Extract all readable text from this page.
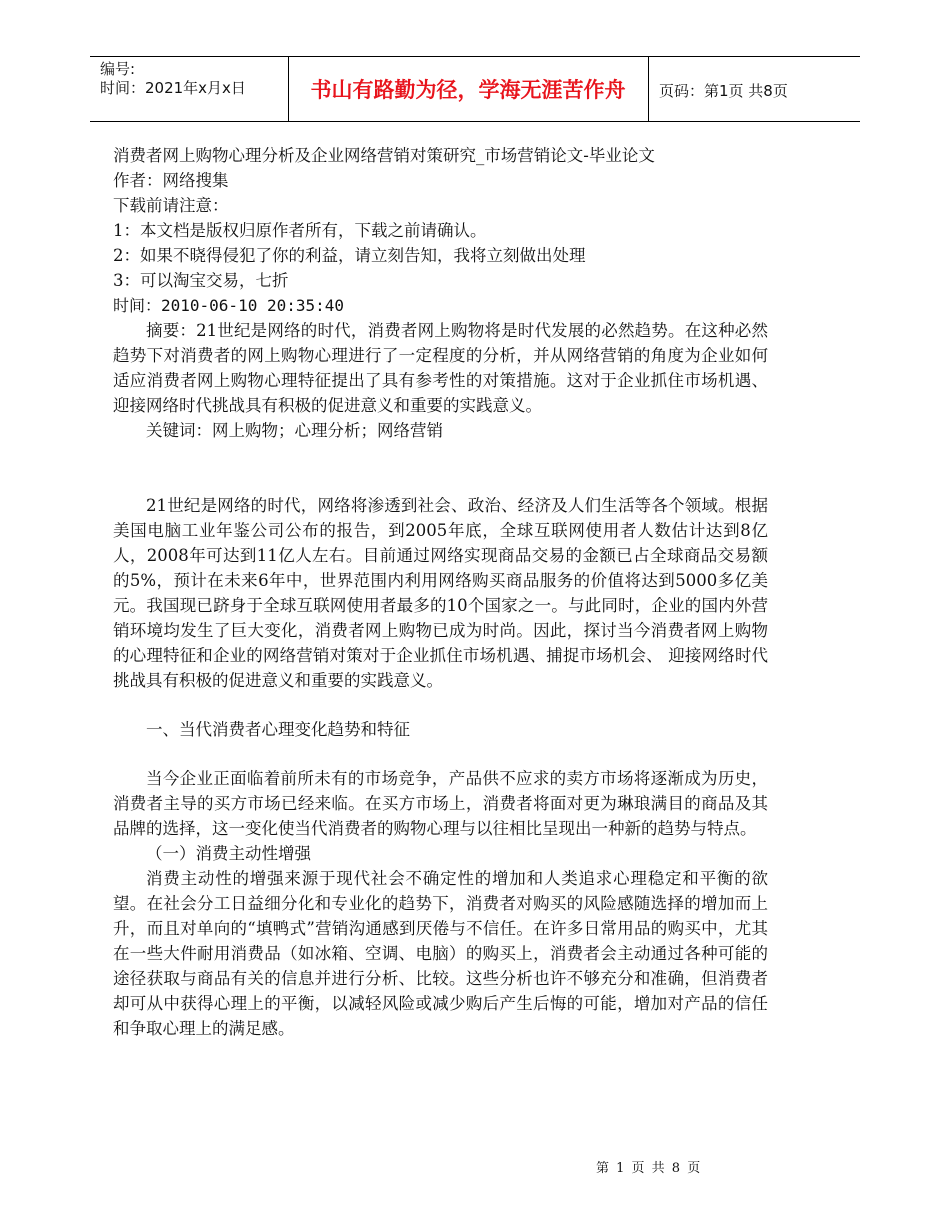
编号:
时间：2021年x月x日	书山有路勤为径，学海无涯苦作舟	页码：第1页 共8页
消费者网上购物心理分析及企业网络营销对策研究_市场营销论文-毕业论文
作者：网络搜集
下载前请注意：
1：本文档是版权归原作者所有，下载之前请确认。
2：如果不晓得侵犯了你的利益，请立刻告知，我将立刻做出处理
3：可以淘宝交易，七折
时间：2010-06-10 20:35:40

摘要：21世纪是网络的时代，消费者网上购物将是时代发展的必然趋势。在这种必然趋势下对消费者的网上购物心理进行了一定程度的分析，并从网络营销的角度为企业如何适应消费者网上购物心理特征提出了具有参考性的对策措施。这对于企业抓住市场机遇、迎接网络时代挑战具有积极的促进意义和重要的实践意义。

关键词：网上购物；心理分析；网络营销

21世纪是网络的时代，网络将渗透到社会、政治、经济及人们生活等各个领域。根据美国电脑工业年鉴公司公布的报告，到2005年底，全球互联网使用者人数估计达到8亿人，2008年可达到11亿人左右。目前通过网络实现商品交易的金额已占全球商品交易额的5%，预计在未来6年中，世界范围内利用网络购买商品服务的价值将达到5000多亿美元。我国现已跻身于全球互联网使用者最多的10个国家之一。与此同时，企业的国内外营销环境均发生了巨大变化，消费者网上购物已成为时尚。因此，探讨当今消费者网上购物的心理特征和企业的网络营销对策对于企业抓住市场机遇、捕捉市场机会、 迎接网络时代挑战具有积极的促进意义和重要的实践意义。

一、当代消费者心理变化趋势和特征

当今企业正面临着前所未有的市场竞争，产品供不应求的卖方市场将逐渐成为历史，消费者主导的买方市场已经来临。在买方市场上，消费者将面对更为琳琅满目的商品及其品牌的选择，这一变化使当代消费者的购物心理与以往相比呈现出一种新的趋势与特点。

（一）消费主动性增强

消费主动性的增强来源于现代社会不确定性的增加和人类追求心理稳定和平衡的欲望。在社会分工日益细分化和专业化的趋势下，消费者对购买的风险感随选择的增加而上升，而且对单向的“填鸭式”营销沟通感到厌倦与不信任。在许多日常用品的购买中，尤其在一些大件耐用消费品（如冰箱、空调、电脑）的购买上，消费者会主动通过各种可能的途径获取与商品有关的信息并进行分析、比较。这些分析也许不够充分和准确，但消费者却可从中获得心理上的平衡，以减轻风险或减少购后产生后悔的可能，增加对产品的信任和争取心理上的满足感。

第 1 页 共 8 页
